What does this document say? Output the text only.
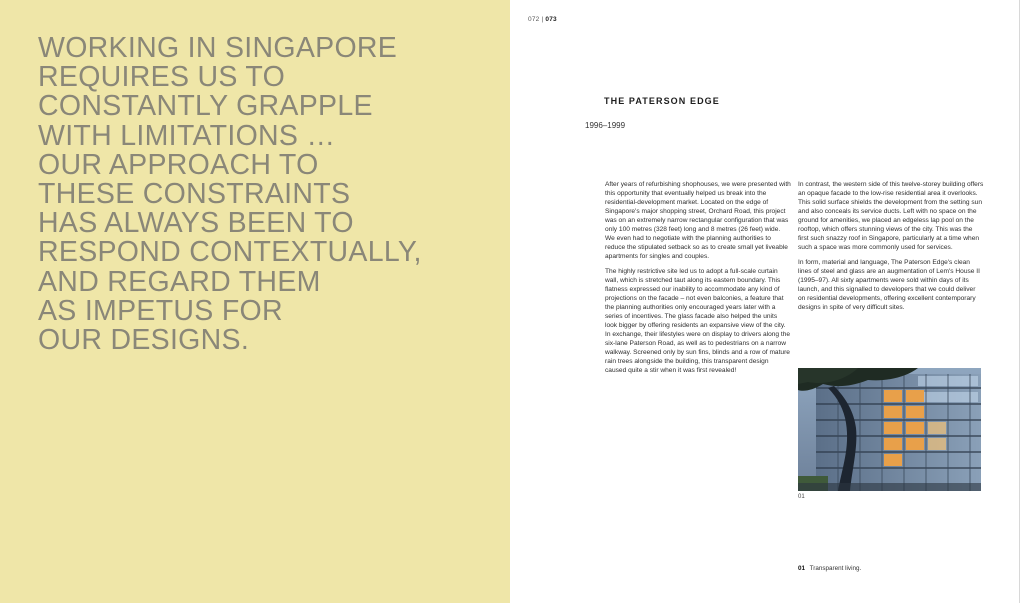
WORKING IN SINGAPORE
REQUIRES US TO
CONSTANTLY GRAPPLE
WITH LIMITATIONS …
OUR APPROACH TO
THESE CONSTRAINTS
HAS ALWAYS BEEN TO
RESPOND CONTEXTUALLY,
AND REGARD THEM
AS IMPETUS FOR
OUR DESIGNS.
072 | 073
THE PATERSON EDGE
1996–1999

After years of refurbishing shophouses, we were presented with this opportunity that eventually helped us break into the residential-development market. Located on the edge of Singapore's major shopping street, Orchard Road, this project was on an extremely narrow rectangular configuration that was only 100 metres (328 feet) long and 8 metres (26 feet) wide. We even had to negotiate with the planning authorities to reduce the stipulated setback so as to create small yet liveable apartments for singles and couples.

The highly restrictive site led us to adopt a full-scale curtain wall, which is stretched taut along its eastern boundary. This flatness expressed our inability to accommodate any kind of projections on the facade – not even balconies, a feature that the planning authorities only encouraged years later with a series of incentives. The glass facade also helped the units look bigger by offering residents an expansive view of the city. In exchange, their lifestyles were on display to drivers along the six-lane Paterson Road, as well as to pedestrians on a narrow walkway. Screened only by sun fins, blinds and a row of mature rain trees alongside the building, this transparent design caused quite a stir when it was first revealed!

In contrast, the western side of this twelve-storey building offers an opaque facade to the low-rise residential area it overlooks. This solid surface shields the development from the setting sun and also conceals its service ducts. Left with no space on the ground for amenities, we placed an edgeless lap pool on the rooftop, which offers stunning views of the city. This was the first such snazzy roof in Singapore, particularly at a time when such a space was more commonly used for services.

In form, material and language, The Paterson Edge's clean lines of steel and glass are an augmentation of Lem's House II (1995–97). All sixty apartments were sold within days of its launch, and this signalled to developers that we could deliver on residential developments, offering excellent contemporary designs in spite of very difficult sites.

01
01 Transparent living.
